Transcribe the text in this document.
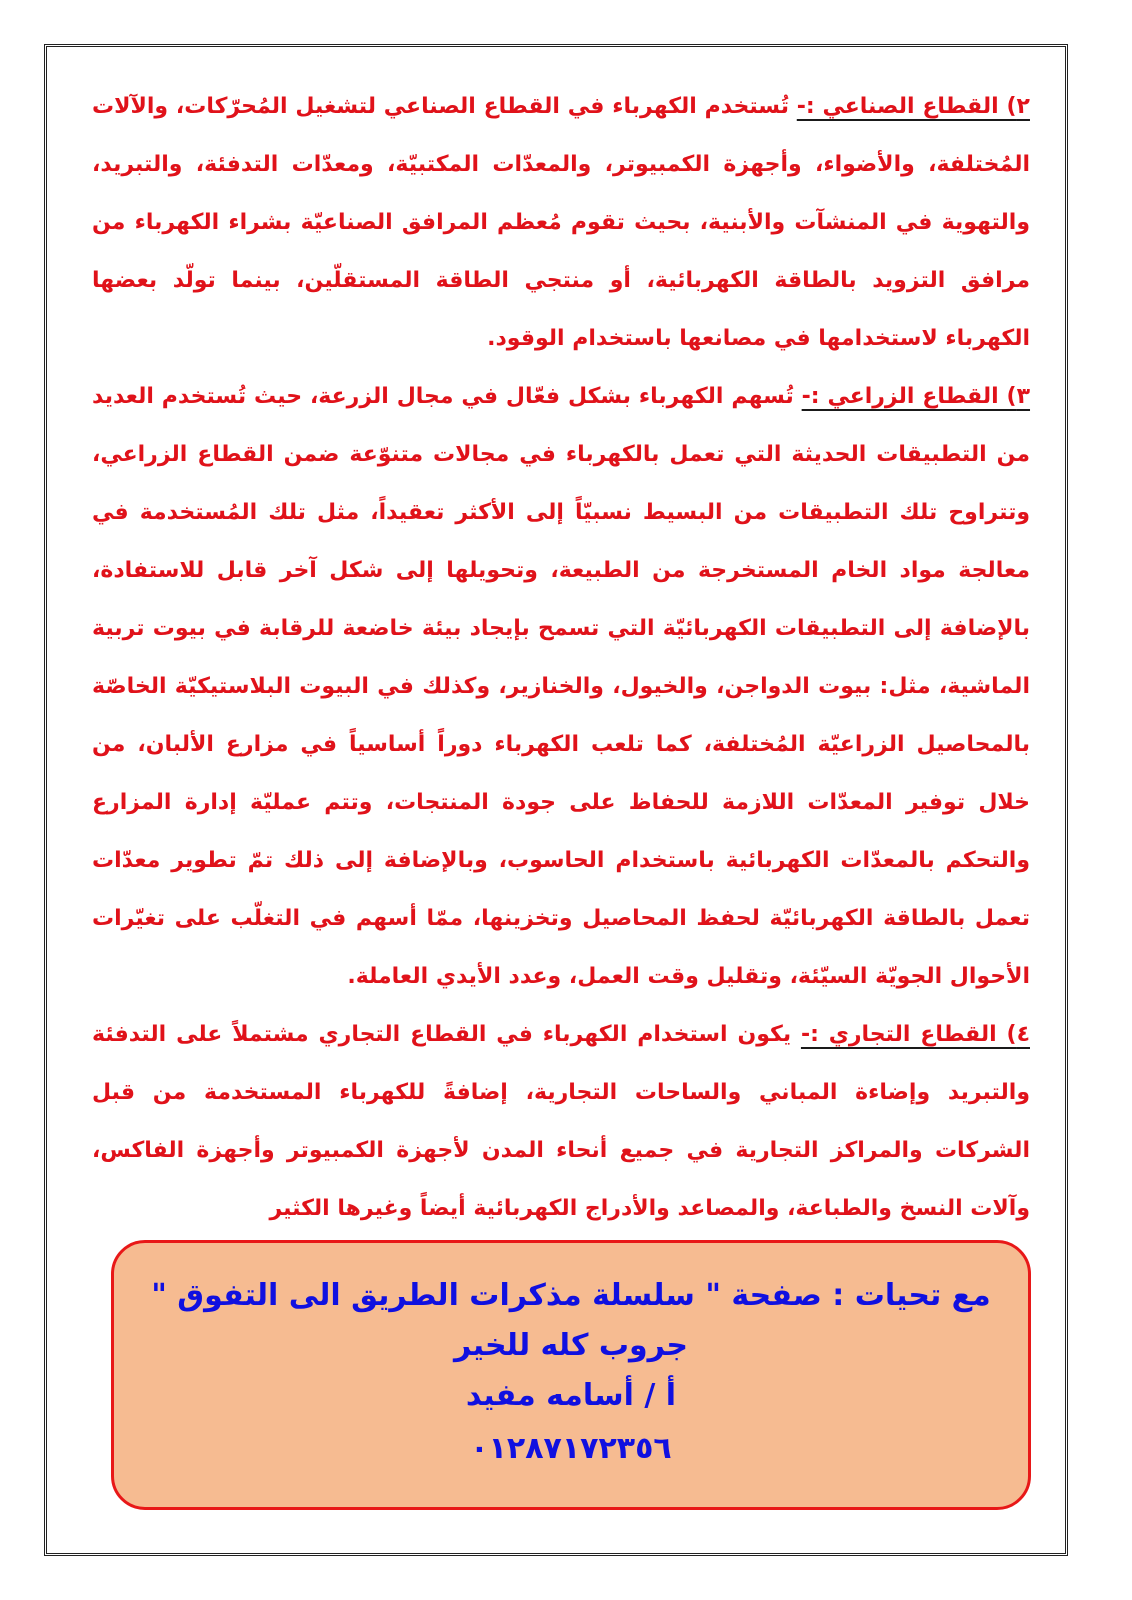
٢) القطاع الصناعي :- تُستخدم الكهرباء في القطاع الصناعي لتشغيل المُحرّكات، والآلات المُختلفة، والأضواء، وأجهزة الكمبيوتر، والمعدّات المكتبيّة، ومعدّات التدفئة، والتبريد، والتهوية في المنشآت والأبنية، بحيث تقوم مُعظم المرافق الصناعيّة بشراء الكهرباء من مرافق التزويد بالطاقة الكهربائية، أو منتجي الطاقة المستقلّين، بينما تولّد بعضها الكهرباء لاستخدامها في مصانعها باستخدام الوقود.

٣) القطاع الزراعي :- تُسهم الكهرباء بشكل فعّال في مجال الزرعة، حيث تُستخدم العديد من التطبيقات الحديثة التي تعمل بالكهرباء في مجالات متنوّعة ضمن القطاع الزراعي، وتتراوح تلك التطبيقات من البسيط نسبيّاً إلى الأكثر تعقيداً، مثل تلك المُستخدمة في معالجة مواد الخام المستخرجة من الطبيعة، وتحويلها إلى شكل آخر قابل للاستفادة، بالإضافة إلى التطبيقات الكهربائيّة التي تسمح بإيجاد بيئة خاضعة للرقابة في بيوت تربية الماشية، مثل: بيوت الدواجن، والخيول، والخنازير، وكذلك في البيوت البلاستيكيّة الخاصّة بالمحاصيل الزراعيّة المُختلفة، كما تلعب الكهرباء دوراً أساسياً في مزارع الألبان، من خلال توفير المعدّات اللازمة للحفاظ على جودة المنتجات، وتتم عمليّة إدارة المزارع والتحكم بالمعدّات الكهربائية باستخدام الحاسوب، وبالإضافة إلى ذلك تمّ تطوير معدّات تعمل بالطاقة الكهربائيّة لحفظ المحاصيل وتخزينها، ممّا أسهم في التغلّب على تغيّرات الأحوال الجويّة السيّئة، وتقليل وقت العمل، وعدد الأيدي العاملة.

٤) القطاع التجاري :- يكون استخدام الكهرباء في القطاع التجاري مشتملاً على التدفئة والتبريد وإضاءة المباني والساحات التجارية، إضافةً للكهرباء المستخدمة من قبل الشركات والمراكز التجارية في جميع أنحاء المدن لأجهزة الكمبيوتر وأجهزة الفاكس، وآلات النسخ والطباعة، والمصاعد والأدراج الكهربائية أيضاً وغيرها الكثير

مع تحيات : صفحة " سلسلة مذكرات الطريق الى التفوق "

جروب كله للخير

أ / أسامه مفيد

٠١٢٨٧١٧٢٣٥٦
